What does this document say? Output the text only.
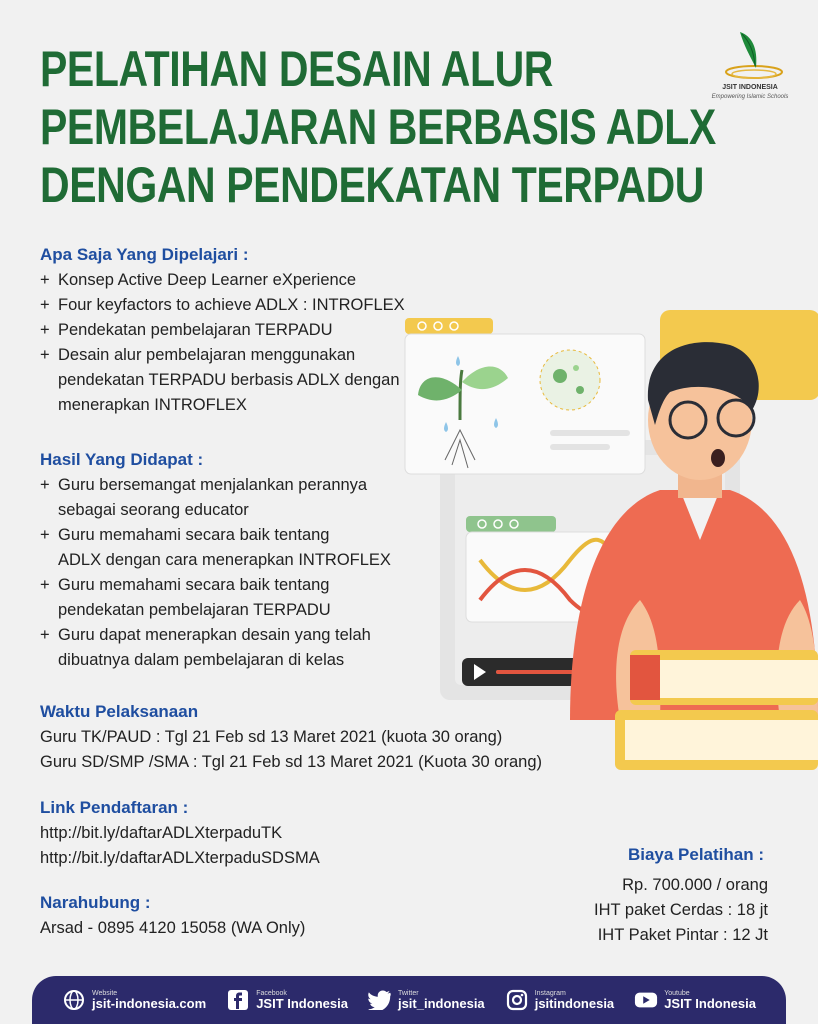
PELATIHAN DESAIN ALUR
PEMBELAJARAN BERBASIS ADLX
DENGAN PENDEKATAN TERPADU
JSIT INDONESIA
Empowering Islamic Schools
Apa Saja Yang Dipelajari :
+ Konsep Active Deep Learner eXperience
+ Four keyfactors to achieve ADLX : INTROFLEX
+ Pendekatan pembelajaran TERPADU
+ Desain alur pembelajaran menggunakan
pendekatan TERPADU berbasis ADLX dengan
menerapkan INTROFLEX
Hasil Yang Didapat :
+ Guru bersemangat menjalankan perannya
sebagai seorang educator
+ Guru memahami secara baik tentang
ADLX dengan cara menerapkan INTROFLEX
+ Guru memahami secara baik tentang
pendekatan pembelajaran TERPADU
+ Guru dapat menerapkan desain yang telah
dibuatnya dalam pembelajaran di kelas
Waktu Pelaksanaan
Guru TK/PAUD : Tgl 21 Feb sd 13 Maret 2021 (kuota 30 orang)
Guru SD/SMP /SMA : Tgl 21 Feb sd 13 Maret 2021 (Kuota 30 orang)
Link Pendaftaran :
http://bit.ly/daftarADLXterpaduTK
http://bit.ly/daftarADLXterpaduSDSMA
Narahubung :
Arsad - 0895 4120 15058 (WA Only)
Biaya Pelatihan :
Rp. 700.000 / orang
IHT paket Cerdas : 18 jt
IHT Paket Pintar : 12 Jt
Website
jsit-indonesia.com
Facebook
JSIT Indonesia
Twitter
jsit_indonesia
Instagram
jsitindonesia
Youtube
JSIT Indonesia
